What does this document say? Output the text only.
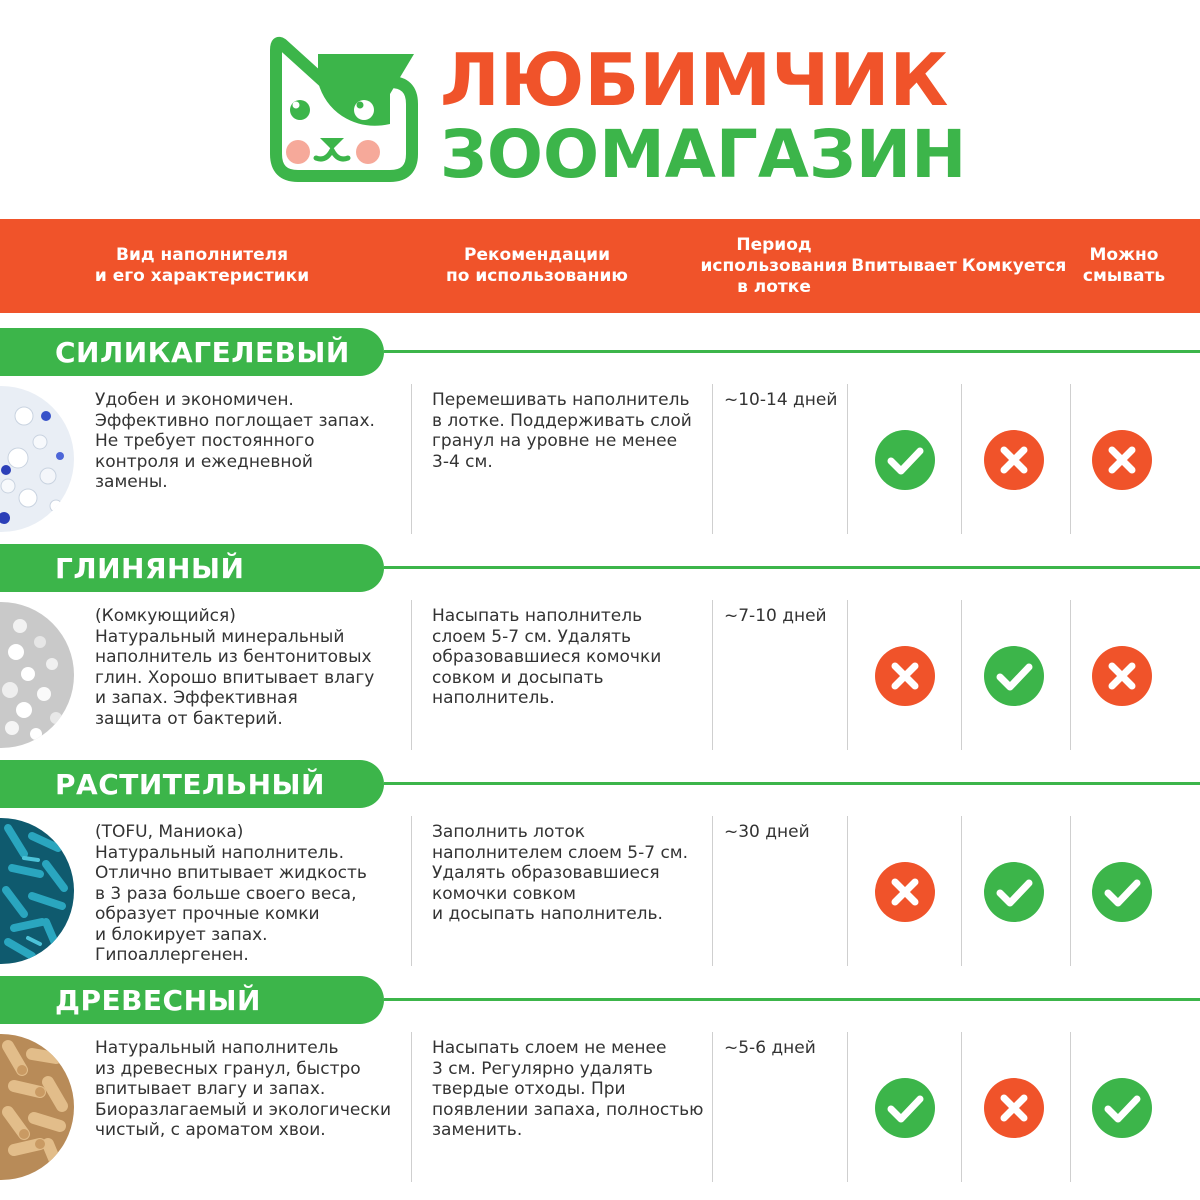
ЛЮБИМЧИК
ЗООМАГАЗИН
Вид наполнителя
и его характеристики
Рекомендации
по использованию
Период
использования
в лотке
Впитывает Комкуется
Можно
смывать
СИЛИКАГЕЛЕВЫЙ
Удобен и экономичен.
Эффективно поглощает запах.
Не требует постоянного
контроля и ежедневной
замены.
Перемешивать наполнитель
в лотке. Поддерживать слой
гранул на уровне не менее
3-4 см.
~10-14 дней
ГЛИНЯНЫЙ
(Комкующийся)
Натуральный минеральный
наполнитель из бентонитовых
глин. Хорошо впитывает влагу
и запах. Эффективная
защита от бактерий.
Насыпать наполнитель
слоем 5-7 см. Удалять
образовавшиеся комочки
совком и досыпать
наполнитель.
~7-10 дней
РАСТИТЕЛЬНЫЙ
(TOFU, Маниока)
Натуральный наполнитель.
Отлично впитывает жидкость
в 3 раза больше своего веса,
образует прочные комки
и блокирует запах.
Гипоаллергенен.
Заполнить лоток
наполнителем слоем 5-7 см.
Удалять образовавшиеся
комочки совком
и досыпать наполнитель.
~30 дней
ДРЕВЕСНЫЙ
Натуральный наполнитель
из древесных гранул, быстро
впитывает влагу и запах.
Биоразлагаемый и экологически
чистый, с ароматом хвои.
Насыпать слоем не менее
3 см. Регулярно удалять
твердые отходы. При
появлении запаха, полностью
заменить.
~5-6 дней
